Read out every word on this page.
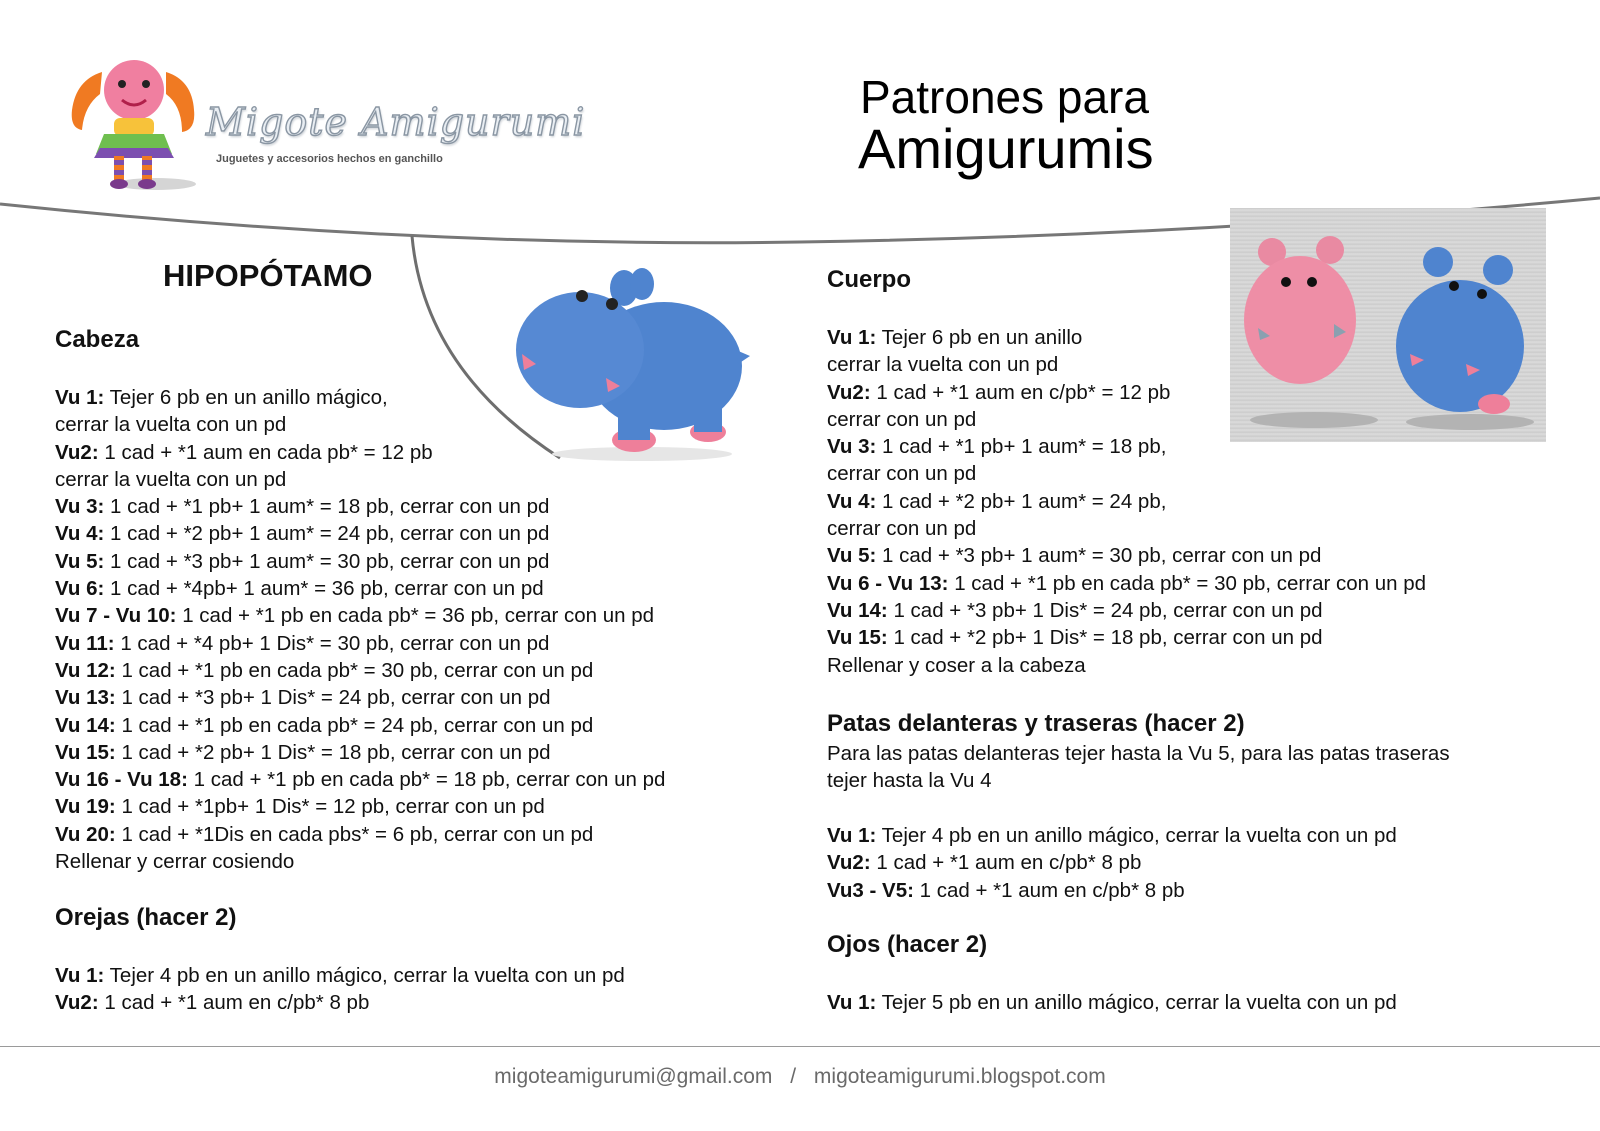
Migote Amigurumi
Juguetes y accesorios hechos en ganchillo
Patrones para
Amigurumis
HIPOPÓTAMO
Cabeza
Vu 1: Tejer 6 pb en un anillo mágico,
cerrar la vuelta con un pd
Vu2: 1 cad + *1 aum en cada pb* = 12 pb
cerrar la vuelta con un pd
Vu 3: 1 cad + *1 pb+ 1 aum* = 18 pb, cerrar con un pd
Vu 4: 1 cad + *2 pb+ 1 aum* = 24 pb, cerrar con un pd
Vu 5: 1 cad + *3 pb+ 1 aum* = 30 pb, cerrar con un pd
Vu 6: 1 cad + *4pb+ 1 aum* = 36 pb, cerrar con un pd
Vu 7 - Vu 10: 1 cad + *1 pb en cada pb* = 36 pb, cerrar con un pd
Vu 11: 1 cad + *4 pb+ 1 Dis* = 30 pb, cerrar con un pd
Vu 12: 1 cad + *1 pb en cada pb* = 30 pb, cerrar con un pd
Vu 13: 1 cad + *3 pb+ 1 Dis* = 24 pb, cerrar con un pd
Vu 14: 1 cad + *1 pb en cada pb* = 24 pb, cerrar con un pd
Vu 15: 1 cad + *2 pb+ 1 Dis* = 18 pb, cerrar con un pd
Vu 16 - Vu 18: 1 cad + *1 pb en cada pb* = 18 pb, cerrar con un pd
Vu 19: 1 cad + *1pb+ 1 Dis* = 12 pb, cerrar con un pd
Vu 20: 1 cad + *1Dis en cada pbs* = 6 pb, cerrar con un pd
Rellenar y cerrar cosiendo
Orejas (hacer 2)
Vu 1: Tejer 4 pb en un anillo mágico, cerrar la vuelta con un pd
Vu2: 1 cad + *1 aum en c/pb* 8 pb
Cuerpo
Vu 1: Tejer 6 pb en un anillo
cerrar la vuelta con un pd
Vu2: 1 cad + *1 aum en c/pb* = 12 pb
cerrar con un pd
Vu 3: 1 cad + *1 pb+ 1 aum* = 18 pb,
cerrar con un pd
Vu 4: 1 cad + *2 pb+ 1 aum* = 24 pb,
cerrar con un pd
Vu 5: 1 cad + *3 pb+ 1 aum* = 30 pb, cerrar con un pd
Vu 6 - Vu 13: 1 cad + *1 pb en cada pb* = 30 pb, cerrar con un pd
Vu 14: 1 cad + *3 pb+ 1 Dis* = 24 pb, cerrar con un pd
Vu 15: 1 cad + *2 pb+ 1 Dis* = 18 pb, cerrar con un pd
Rellenar y coser a la cabeza
Patas delanteras y traseras (hacer 2)
Para las patas delanteras tejer hasta la Vu 5, para las patas traseras
tejer hasta la Vu 4
Vu 1: Tejer 4 pb en un anillo mágico, cerrar la vuelta con un pd
Vu2: 1 cad + *1 aum en c/pb* 8 pb
Vu3 - V5: 1 cad + *1 aum en c/pb* 8 pb
Ojos (hacer 2)
Vu 1: Tejer 5 pb en un anillo mágico, cerrar la vuelta con un pd
migoteamigurumi@gmail.com / migoteamigurumi.blogspot.com
